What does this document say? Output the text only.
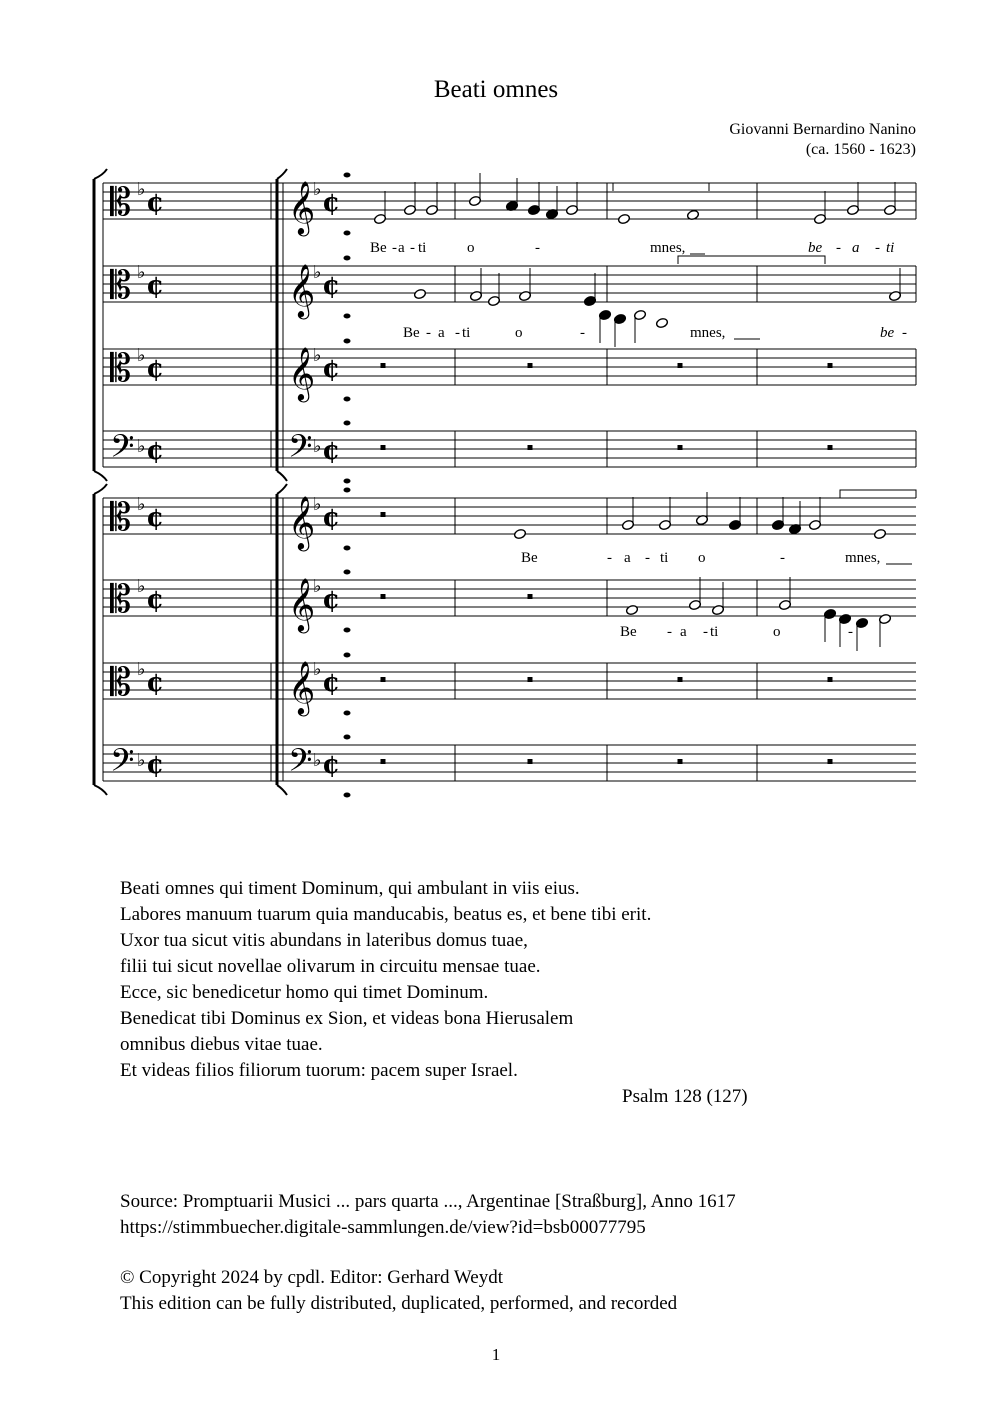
Beati omnes
Giovanni Bernardino Nanino
(ca. 1560 - 1623)
𝄡	𝄞
♭	♭
¢	¢
𝄡	𝄞
♭	♭
¢	¢
𝄡	𝄞
♭	♭
¢	¢
𝄢	𝄢
♭	♭
¢	¢
𝄡	𝄞
♭	♭
¢	¢
𝄡	𝄞
♭	♭
¢	¢
𝄡	𝄞
♭	♭
¢	¢
𝄢	𝄢
♭	♭
¢	¢
Be - a - ti	o	-	mnes,	be - a - ti
Be - a - ti	o	-	mnes,	be -
Be	- a - ti o	-	mnes,
Be - a - ti	o	-
Beati omnes qui timent Dominum, qui ambulant in viis eius.
Labores manuum tuarum quia manducabis, beatus es, et bene tibi erit.
Uxor tua sicut vitis abundans in lateribus domus tuae,
filii tui sicut novellae olivarum in circuitu mensae tuae.
Ecce, sic benedicetur homo qui timet Dominum.
Benedicat tibi Dominus ex Sion, et videas bona Hierusalem
omnibus diebus vitae tuae.
Et videas filios filiorum tuorum: pacem super Israel.
Psalm 128 (127)
Source: Promptuarii Musici ... pars quarta ..., Argentinae [Straßburg], Anno 1617
https://stimmbuecher.digitale-sammlungen.de/view?id=bsb00077795
© Copyright 2024 by cpdl. Editor: Gerhard Weydt
This edition can be fully distributed, duplicated, performed, and recorded
1
